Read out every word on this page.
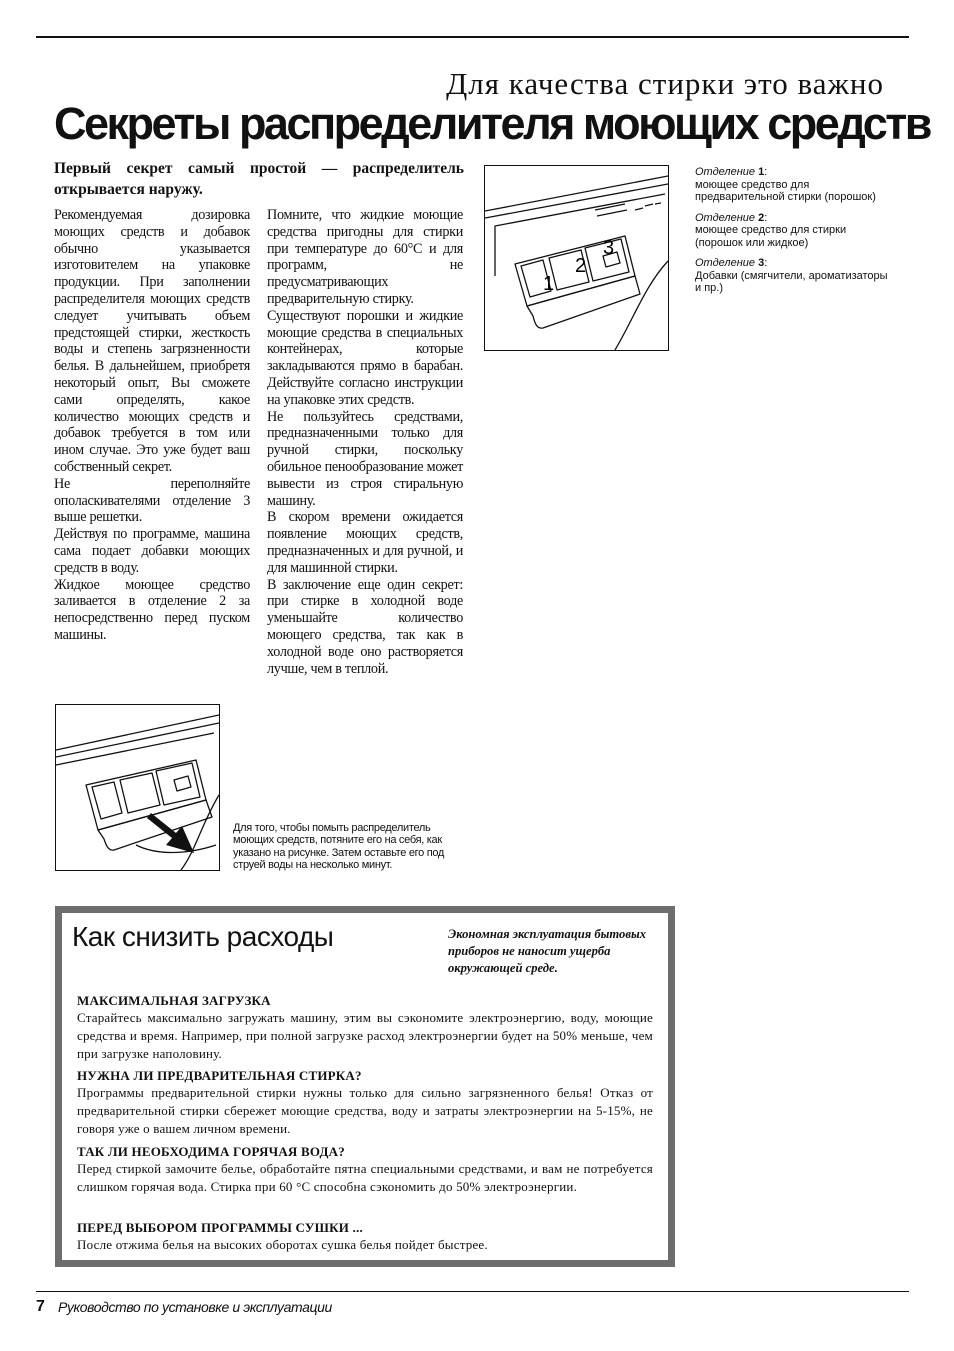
Для качества стирки это важно
Секреты распределителя моющих средств
Первый секрет самый простой — распределитель открывается наружу.

Рекомендуемая дозировка моющих средств и добавок обычно указывается изготовителем на упаковке продукции. При заполнении распределителя моющих средств следует учитывать объем предстоящей стирки, жесткость воды и степень загрязненности белья. В дальнейшем, приобретя некоторый опыт, Вы сможете сами определять, какое количество моющих средств и добавок требуется в том или ином случае. Это уже будет ваш собственный секрет.

Не переполняйте ополаскивателями отделение 3 выше решетки.

Действуя по программе, машина сама подает добавки моющих средств в воду.

Жидкое моющее средство заливается в отделение 2 за непосредственно перед пуском машины.

Помните, что жидкие моющие средства пригодны для стирки при температуре до 60°С и для программ, не предусматривающих предварительную стирку.

Существуют порошки и жидкие моющие средства в специальных контейнерах, которые закладываются прямо в барабан. Действуйте согласно инструкции на упаковке этих средств.

Не пользуйтесь средствами, предназначенными только для ручной стирки, поскольку обильное пенообразование может вывести из строя стиральную машину.

В скором времени ожидается появление моющих средств, предназначенных и для ручной, и для машинной стирки.

В заключение еще один секрет: при стирке в холодной воде уменьшайте количество моющего средства, так как в холодной воде оно растворяется лучше, чем в теплой.

1
2
3
Отделение 1:
моющее средство для предварительной стирки (порошок)
Отделение 2:
моющее средство для стирки (порошок или жидкое)
Отделение 3:
Добавки (смягчители, ароматизаторы и пр.)
Для того, чтобы помыть распределитель моющих средств, потяните его на себя, как указано на рисунке. Затем оставьте его под струей воды на несколько минут.
Как снизить расходы	Экономная эксплуатация бытовых приборов не наносит ущерба окружающей среде.
МАКСИМАЛЬНАЯ ЗАГРУЗКА
Старайтесь максимально загружать машину, этим вы сэкономите электроэнергию, воду, моющие средства и время. Например, при полной загрузке расход электроэнергии будет на 50% меньше, чем при загрузке наполовину.
НУЖНА ЛИ ПРЕДВАРИТЕЛЬНАЯ СТИРКА?
Программы предварительной стирки нужны только для сильно загрязненного белья! Отказ от предварительной стирки сбережет моющие средства, воду и затраты электроэнергии на 5-15%, не говоря уже о вашем личном времени.
ТАК ЛИ НЕОБХОДИМА ГОРЯЧАЯ ВОДА?
Перед стиркой замочите белье, обработайте пятна специальными средствами, и вам не потребуется слишком горячая вода. Стирка при 60 °С способна сэкономить до 50% электроэнергии.
ПЕРЕД ВЫБОРОМ ПРОГРАММЫ СУШКИ ...
После отжима белья на высоких оборотах сушка белья пойдет быстрее.
7 Руководство по установке и эксплуатации
